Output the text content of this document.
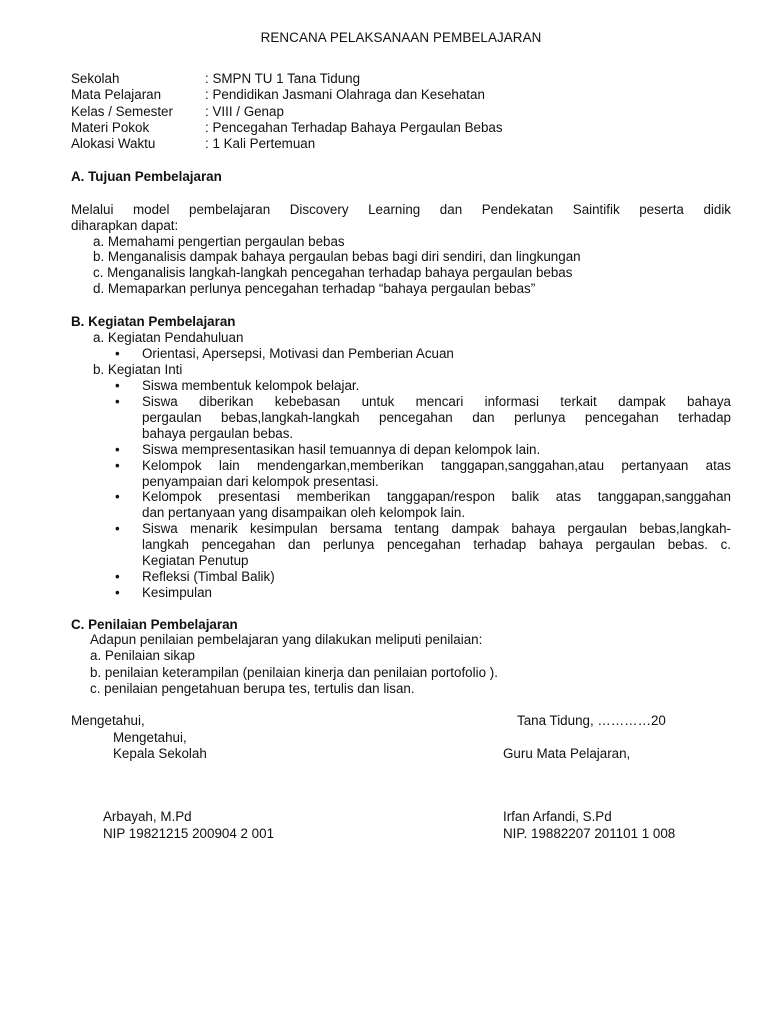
RENCANA PELAKSANAAN PEMBELAJARAN
Sekolah	: SMPN TU 1 Tana Tidung
Mata Pelajaran	: Pendidikan Jasmani Olahraga dan Kesehatan
Kelas / Semester : VIII / Genap
Materi Pokok	: Pencegahan Terhadap Bahaya Pergaulan Bebas
Alokasi Waktu	: 1 Kali Pertemuan
A. Tujuan Pembelajaran
Melalui model pembelajaran Discovery Learning dan Pendekatan Saintifik peserta didik
diharapkan dapat:
a. Memahami pengertian pergaulan bebas
b. Menganalisis dampak bahaya pergaulan bebas bagi diri sendiri, dan lingkungan
c. Menganalisis langkah-langkah pencegahan terhadap bahaya pergaulan bebas
d. Memaparkan perlunya pencegahan terhadap “bahaya pergaulan bebas”
B. Kegiatan Pembelajaran
a. Kegiatan Pendahuluan
• Orientasi, Apersepsi, Motivasi dan Pemberian Acuan
b. Kegiatan Inti
• Siswa membentuk kelompok belajar.
• Siswa diberikan kebebasan untuk mencari informasi terkait dampak bahaya
pergaulan bebas,langkah-langkah pencegahan dan perlunya pencegahan terhadap
bahaya pergaulan bebas.
• Siswa mempresentasikan hasil temuannya di depan kelompok lain.
• Kelompok lain mendengarkan,memberikan tanggapan,sanggahan,atau pertanyaan atas
penyampaian dari kelompok presentasi.
• Kelompok presentasi memberikan tanggapan/respon balik atas tanggapan,sanggahan
dan pertanyaan yang disampaikan oleh kelompok lain.
• Siswa menarik kesimpulan bersama tentang dampak bahaya pergaulan bebas,langkah-
langkah pencegahan dan perlunya pencegahan terhadap bahaya pergaulan bebas. c.
Kegiatan Penutup
• Refleksi (Timbal Balik)
• Kesimpulan
C. Penilaian Pembelajaran
Adapun penilaian pembelajaran yang dilakukan meliputi penilaian:
a. Penilaian sikap
b. penilaian keterampilan (penilaian kinerja dan penilaian portofolio ).
c. penilaian pengetahuan berupa tes, tertulis dan lisan.
Mengetahui,	Tana Tidung, …………20
Mengetahui,
Kepala Sekolah	Guru Mata Pelajaran,
Arbayah, M.Pd	Irfan Arfandi, S.Pd
NIP 19821215 200904 2 001	NIP. 19882207 201101 1 008
